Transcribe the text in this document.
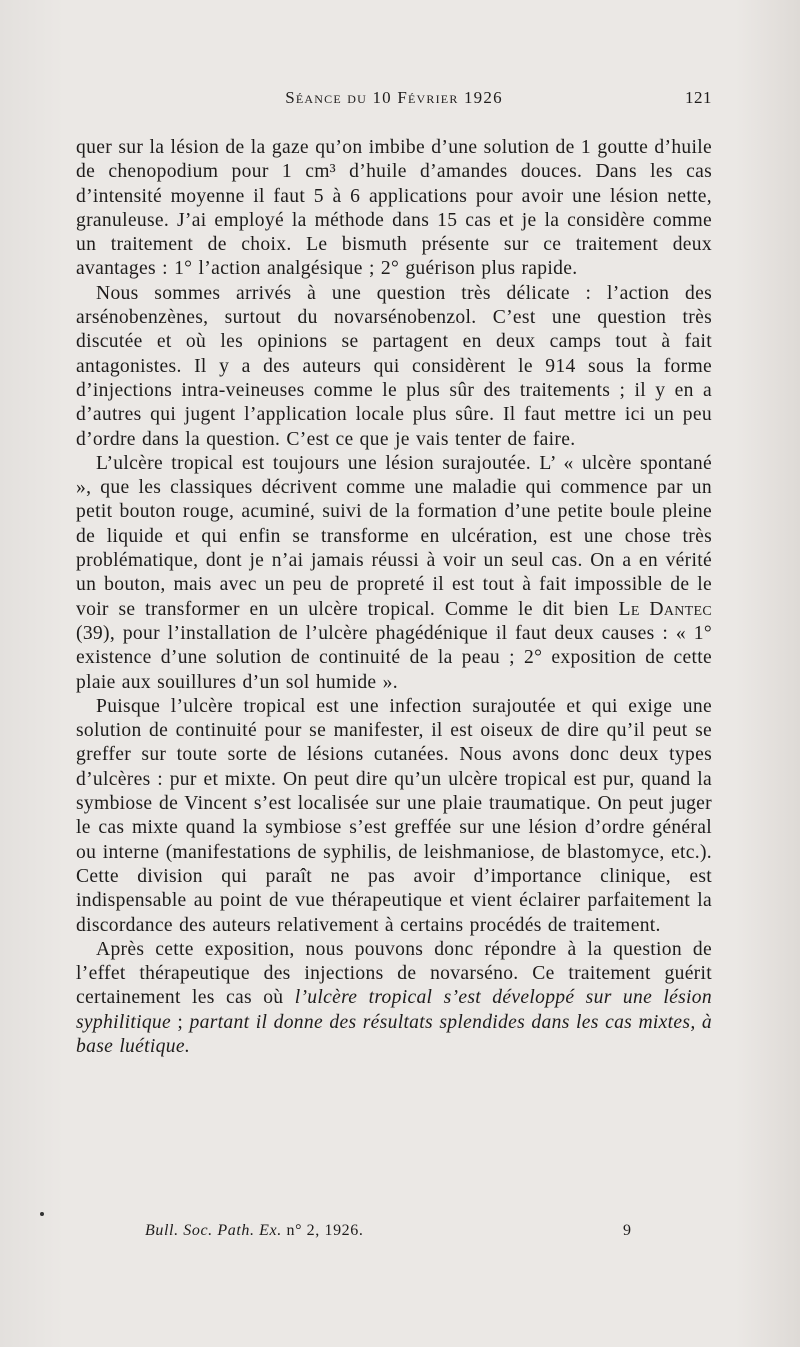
Séance du 10 Février 1926	121

quer sur la lésion de la gaze qu’on imbibe d’une solution de 1 goutte d’huile de chenopodium pour 1 cm³ d’huile d’amandes douces. Dans les cas d’intensité moyenne il faut 5 à 6 applications pour avoir une lésion nette, granuleuse. J’ai employé la méthode dans 15 cas et je la considère comme un traitement de choix. Le bismuth présente sur ce traitement deux avantages : 1° l’action analgésique ; 2° guérison plus rapide.

Nous sommes arrivés à une question très délicate : l’action des arsénobenzènes, surtout du novarsénobenzol. C’est une question très discutée et où les opinions se partagent en deux camps tout à fait antagonistes. Il y a des auteurs qui considèrent le 914 sous la forme d’injections intra-veineuses comme le plus sûr des traitements ; il y en a d’autres qui jugent l’application locale plus sûre. Il faut mettre ici un peu d’ordre dans la question. C’est ce que je vais tenter de faire.

L’ulcère tropical est toujours une lésion surajoutée. L’ « ulcère spontané », que les classiques décrivent comme une maladie qui commence par un petit bouton rouge, acuminé, suivi de la formation d’une petite boule pleine de liquide et qui enfin se transforme en ulcération, est une chose très problématique, dont je n’ai jamais réussi à voir un seul cas. On a en vérité un bouton, mais avec un peu de propreté il est tout à fait impossible de le voir se transformer en un ulcère tropical. Comme le dit bien Le Dantec (39), pour l’installation de l’ulcère phagédénique il faut deux causes : « 1° existence d’une solution de continuité de la peau ; 2° exposition de cette plaie aux souillures d’un sol humide ».

Puisque l’ulcère tropical est une infection surajoutée et qui exige une solution de continuité pour se manifester, il est oiseux de dire qu’il peut se greffer sur toute sorte de lésions cutanées. Nous avons donc deux types d’ulcères : pur et mixte. On peut dire qu’un ulcère tropical est pur, quand la symbiose de Vincent s’est localisée sur une plaie traumatique. On peut juger le cas mixte quand la symbiose s’est greffée sur une lésion d’ordre général ou interne (manifestations de syphilis, de leishmaniose, de blastomyce, etc.). Cette division qui paraît ne pas avoir d’importance clinique, est indispensable au point de vue thérapeutique et vient éclairer parfaitement la discordance des auteurs relativement à certains procédés de traitement.

Après cette exposition, nous pouvons donc répondre à la question de l’effet thérapeutique des injections de novarséno. Ce traitement guérit certainement les cas où l’ulcère tropical s’est développé sur une lésion syphilitique ; partant il donne des résultats splendides dans les cas mixtes, à base luétique.

Bull. Soc. Path. Ex. n° 2, 1926.	9
